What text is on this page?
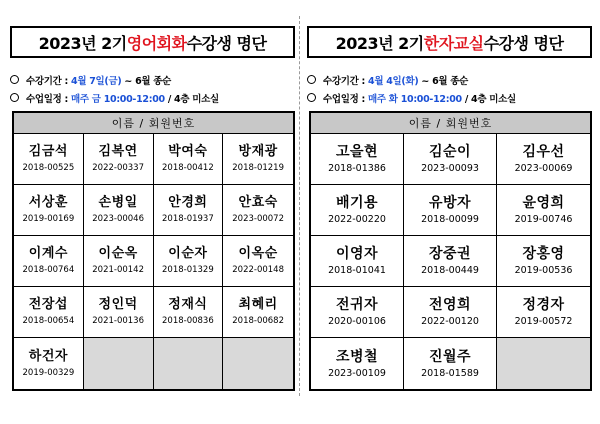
2023년 2기 영어회화 수강생 명단
수강기간 : 4월 7일(금) ~ 6월 종순
수업일정 : 매주 금 10:00-12:00 / 4층 미소실
이름 / 회원번호
김금석
2018-00525
김복연
2022-00337
박여숙
2018-00412
방재광
2018-01219
서상훈
2019-00169
손병일
2023-00046
안경희
2018-01937
안효숙
2023-00072
이계수
2018-00764
이순옥
2021-00142
이순자
2018-01329
이옥순
2022-00148
전장섭
2018-00654
정인덕
2021-00136
정재식
2018-00836
최혜리
2018-00682
하건자
2019-00329
2023년 2기 한자교실 수강생 명단
수강기간 : 4월 4일(화) ~ 6월 종순
수업일정 : 매주 화 10:00-12:00 / 4층 미소실
이름 / 회원번호
고을현
2018-01386
김순이
2023-00093
김우선
2023-00069
배기용
2022-00220
유방자
2018-00099
윤영희
2019-00746
이영자
2018-01041
장중권
2018-00449
장홍영
2019-00536
전귀자
2020-00106
전영희
2022-00120
정경자
2019-00572
조병철
2023-00109
진월주
2018-01589
